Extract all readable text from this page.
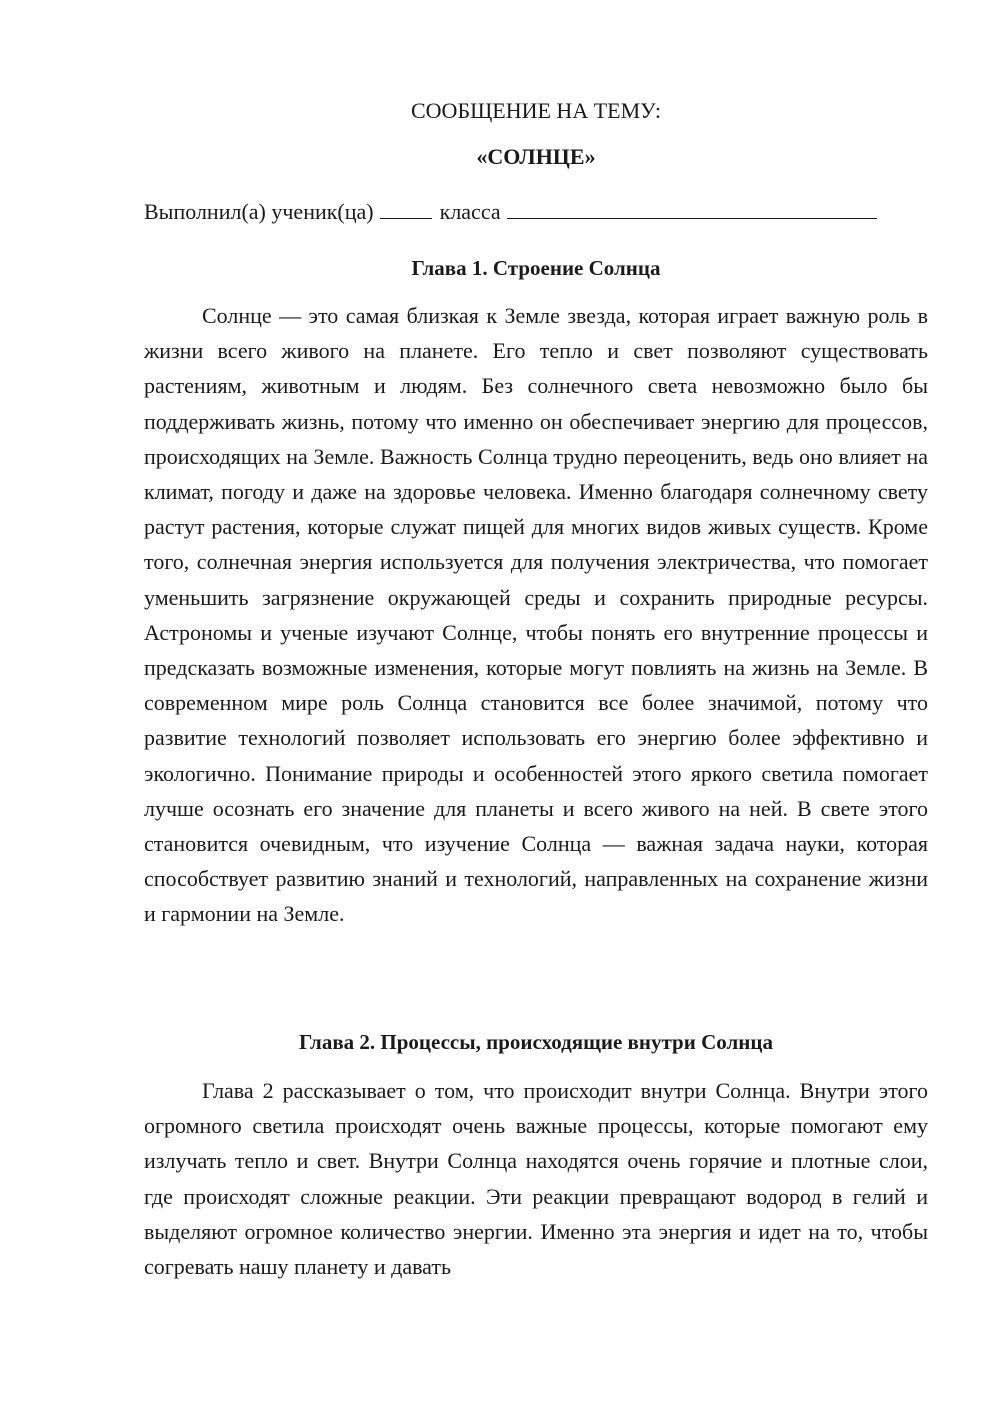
СООБЩЕНИЕ НА ТЕМУ:
«СОЛНЦЕ»
Выполнил(а) ученик(ца)	класса
Глава 1. Строение Солнца

Солнце — это самая близкая к Земле звезда, которая играет важную роль в жизни всего живого на планете. Его тепло и свет позволяют существовать растениям, животным и людям. Без солнечного света невозможно было бы поддерживать жизнь, потому что именно он обеспечивает энергию для процессов, происходящих на Земле. Важность Солнца трудно переоценить, ведь оно влияет на климат, погоду и даже на здоровье человека. Именно благодаря солнечному свету растут растения, которые служат пищей для многих видов живых существ. Кроме того, солнечная энергия используется для получения электричества, что помогает уменьшить загрязнение окружающей среды и сохранить природные ресурсы. Астрономы и ученые изучают Солнце, чтобы понять его внутренние процессы и предсказать возможные изменения, которые могут повлиять на жизнь на Земле. В современном мире роль Солнца становится все более значимой, потому что развитие технологий позволяет использовать его энергию более эффективно и экологично. Понимание природы и особенностей этого яркого светила помогает лучше осознать его значение для планеты и всего живого на ней. В свете этого становится очевидным, что изучение Солнца — важная задача науки, которая способствует развитию знаний и технологий, направленных на сохранение жизни и гармонии на Земле.

Глава 2. Процессы, происходящие внутри Солнца

Глава 2 рассказывает о том, что происходит внутри Солнца. Внутри этого огромного светила происходят очень важные процессы, которые помогают ему излучать тепло и свет. Внутри Солнца находятся очень горячие и плотные слои, где происходят сложные реакции. Эти реакции превращают водород в гелий и выделяют огромное количество энергии. Именно эта энергия и идет на то, чтобы согревать нашу планету и давать
